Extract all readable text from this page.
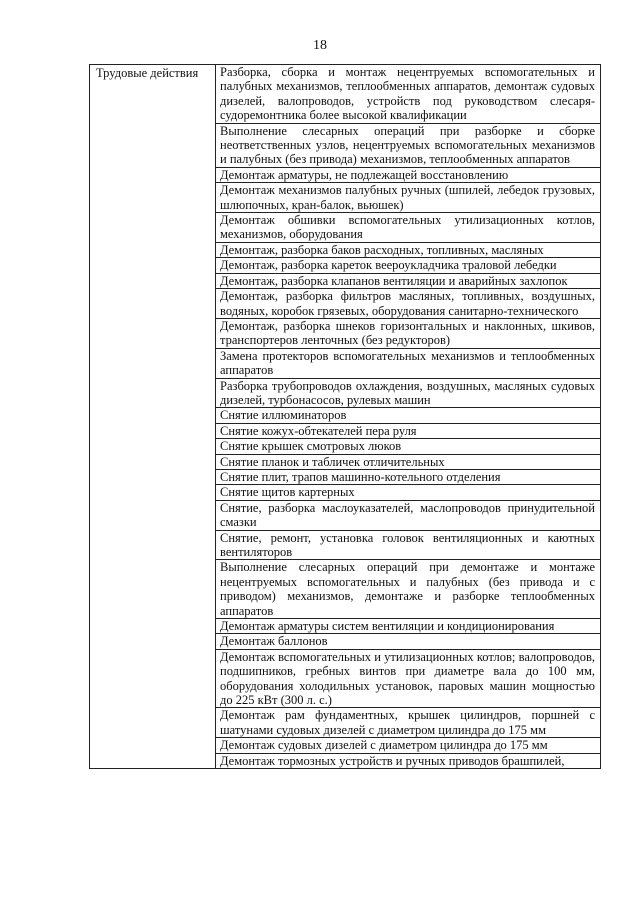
18
Трудовые действия	Разборка, сборка и монтаж нецентруемых вспомогательных и палубных механизмов, теплообменных аппаратов, демонтаж судовых дизелей, валопроводов, устройств под руководством слесаря-судоремонтника более высокой квалификации
Выполнение слесарных операций при разборке и сборке неответственных узлов, нецентруемых вспомогательных механизмов и палубных (без привода) механизмов, теплообменных аппаратов
Демонтаж арматуры, не подлежащей восстановлению
Демонтаж механизмов палубных ручных (шпилей, лебедок грузовых, шлюпочных, кран-балок, вьюшек)
Демонтаж обшивки вспомогательных утилизационных котлов, механизмов, оборудования
Демонтаж, разборка баков расходных, топливных, масляных
Демонтаж, разборка кареток веероукладчика траловой лебедки
Демонтаж, разборка клапанов вентиляции и аварийных захлопок
Демонтаж, разборка фильтров масляных, топливных, воздушных, водяных, коробок грязевых, оборудования санитарно-технического
Демонтаж, разборка шнеков горизонтальных и наклонных, шкивов, транспортеров ленточных (без редукторов)
Замена протекторов вспомогательных механизмов и теплообменных аппаратов
Разборка трубопроводов охлаждения, воздушных, масляных судовых дизелей, турбонасосов, рулевых машин
Снятие иллюминаторов
Снятие кожух-обтекателей пера руля
Снятие крышек смотровых люков
Снятие планок и табличек отличительных
Снятие плит, трапов машинно-котельного отделения
Снятие щитов картерных
Снятие, разборка маслоуказателей, маслопроводов принудительной смазки
Снятие, ремонт, установка головок вентиляционных и каютных вентиляторов
Выполнение слесарных операций при демонтаже и монтаже нецентруемых вспомогательных и палубных (без привода и с приводом) механизмов, демонтаже и разборке теплообменных аппаратов
Демонтаж арматуры систем вентиляции и кондиционирования
Демонтаж баллонов
Демонтаж вспомогательных и утилизационных котлов; валопроводов, подшипников, гребных винтов при диаметре вала до 100 мм, оборудования холодильных установок, паровых машин мощностью до 225 кВт (300 л. с.)
Демонтаж рам фундаментных, крышек цилиндров, поршней с шатунами судовых дизелей с диаметром цилиндра до 175 мм
Демонтаж судовых дизелей с диаметром цилиндра до 175 мм
Демонтаж тормозных устройств и ручных приводов брашпилей,
